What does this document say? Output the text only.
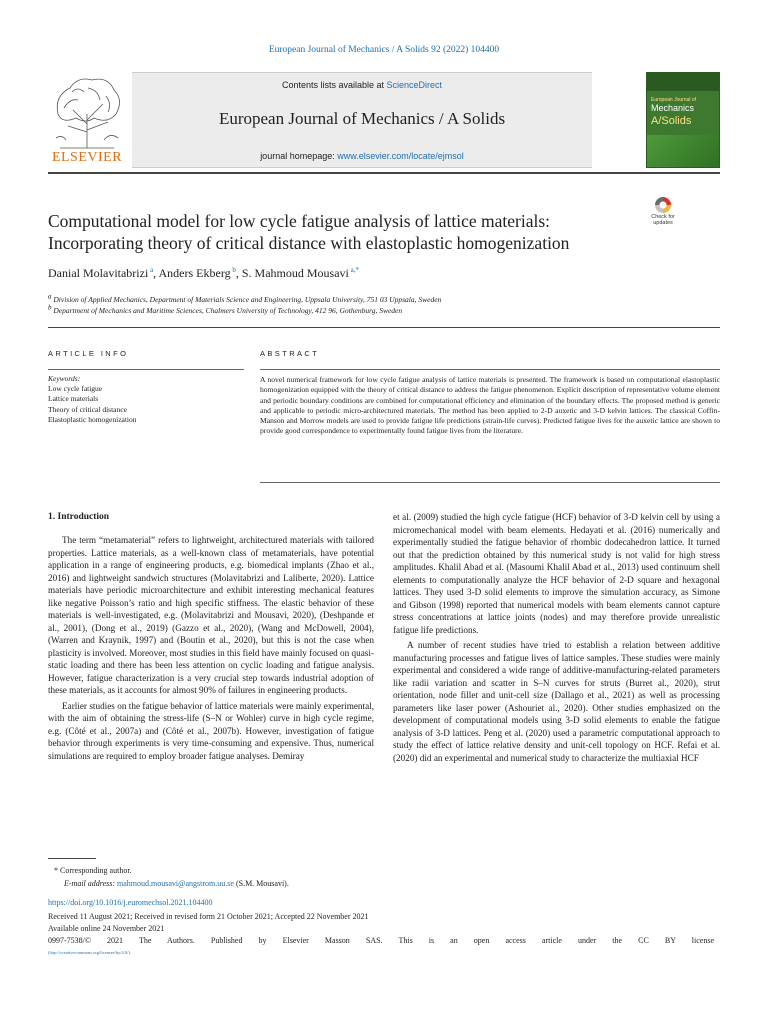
European Journal of Mechanics / A Solids 92 (2022) 104400
ELSEVIER
Contents lists available at ScienceDirect
European Journal of Mechanics / A Solids
journal homepage: www.elsevier.com/locate/ejmsol
European Journal of
Mechanics
A/Solids
Check for updates
Computational model for low cycle fatigue analysis of lattice materials:
Incorporating theory of critical distance with elastoplastic homogenization
Danial Molavitabrizi $^a$, Anders Ekberg $^b$, S. Mahmoud Mousavi $^{a,*}$
$^a$ Division of Applied Mechanics, Department of Materials Science and Engineering, Uppsala University, 751 03 Uppsala, Sweden
$^b$ Department of Mechanics and Maritime Sciences, Chalmers University of Technology, 412 96, Gothenburg, Sweden
ARTICLE INFO	ABSTRACT
Keywords:
Low cycle fatigue
Lattice materials
Theory of critical distance
Elastoplastic homogenization
A novel numerical framework for low cycle fatigue analysis of lattice materials is presented. The framework is based on computational elastoplastic homogenization equipped with the theory of critical distance to address the fatigue phenomenon. Explicit description of representative volume element and periodic boundary conditions are combined for computational efficiency and elimination of the boundary effects. The proposed method is generic and applicable to periodic micro-architectured materials. The method has been applied to 2-D auxetic and 3-D kelvin lattices. The classical Coffin-Manson and Morrow models are used to provide fatigue life predictions (strain-life curves). Predicted fatigue lives for the auxetic lattice are shown to provide good correspondence to experimentally found fatigue lives from the literature.
1. Introduction

The term “metamaterial” refers to lightweight, architectured materials with tailored properties. Lattice materials, as a well-known class of metamaterials, have potential application in a range of engineering products, e.g. biomedical implants (Zhao et al., 2016) and lightweight sandwich structures (Molavitabrizi and Laliberte, 2020). Lattice materials have periodic microarchitecture and exhibit interesting mechanical features like negative Poisson’s ratio and high specific stiffness. The elastic behavior of these materials is well-investigated, e.g. (Molavitabrizi and Mousavi, 2020), (Deshpande et al., 2001), (Dong et al., 2019) (Gazzo et al., 2020), (Wang and McDowell, 2004), (Warren and Kraynik, 1997) and (Boutin et al., 2020), but this is not the case when plasticity is involved. Moreover, most studies in this field have mainly focused on quasi-static loading and there has been less attention on cyclic loading and fatigue analysis. However, fatigue characterization is a very crucial step towards industrial adoption of these materials, as it accounts for almost 90% of failures in engineering products.

Earlier studies on the fatigue behavior of lattice materials were mainly experimental, with the aim of obtaining the stress-life (S–N or Wohler) curve in high cycle regime, e.g. (Côté et al., 2007a) and (Côté et al., 2007b). However, investigation of fatigue behavior through experiments is very time-consuming and expensive. Thus, numerical simulations are required to employ broader fatigue analyses. Demiray

et al. (2009) studied the high cycle fatigue (HCF) behavior of 3-D kelvin cell by using a micromechanical model with beam elements. Hedayati et al. (2016) numerically and experimentally studied the fatigue behavior of rhombic dodecahedron lattice. It turned out that the prediction obtained by this numerical study is not valid for high stress amplitudes. Khalil Abad et al. (Masoumi Khalil Abad et al., 2013) used continuum shell elements to computationally analyze the HCF behavior of 2-D square and hexagonal lattices. They used 3-D solid elements to improve the simulation accuracy, as Simone and Gibson (1998) reported that numerical models with beam elements cannot capture stress concentrations at lattice joints (nodes) and may therefore provide unrealistic fatigue life predictions.

A number of recent studies have tried to establish a relation between additive manufacturing processes and fatigue lives of lattice samples. These studies were mainly experimental and considered a wide range of additive-manufacturing-related parameters like radii variation and scatter in S–N curves for struts (Burret al., 2020), strut orientation, node fillet and unit-cell size (Dallago et al., 2021) as well as processing parameters like laser power (Ashouriet al., 2020). Other studies emphasized on the development of computational models using 3-D solid elements to enable the fatigue analysis of 3-D lattices. Peng et al. (2020) used a parametric computational approach to study the effect of lattice relative density and unit-cell topology on HCF. Refai et al. (2020) did an experimental and numerical study to characterize the multiaxial HCF

* Corresponding author.
E-mail address: mahmoud.mousavi@angstrom.uu.se (S.M. Mousavi).
https://doi.org/10.1016/j.euromechsol.2021.104400
Received 11 August 2021; Received in revised form 21 October 2021; Accepted 22 November 2021
Available online 24 November 2021
0997-7538/© 2021 The Authors. Published by Elsevier Masson SAS. This is an open access article under the CC BY license
(http://creativecommons.org/licenses/by/4.0/).
